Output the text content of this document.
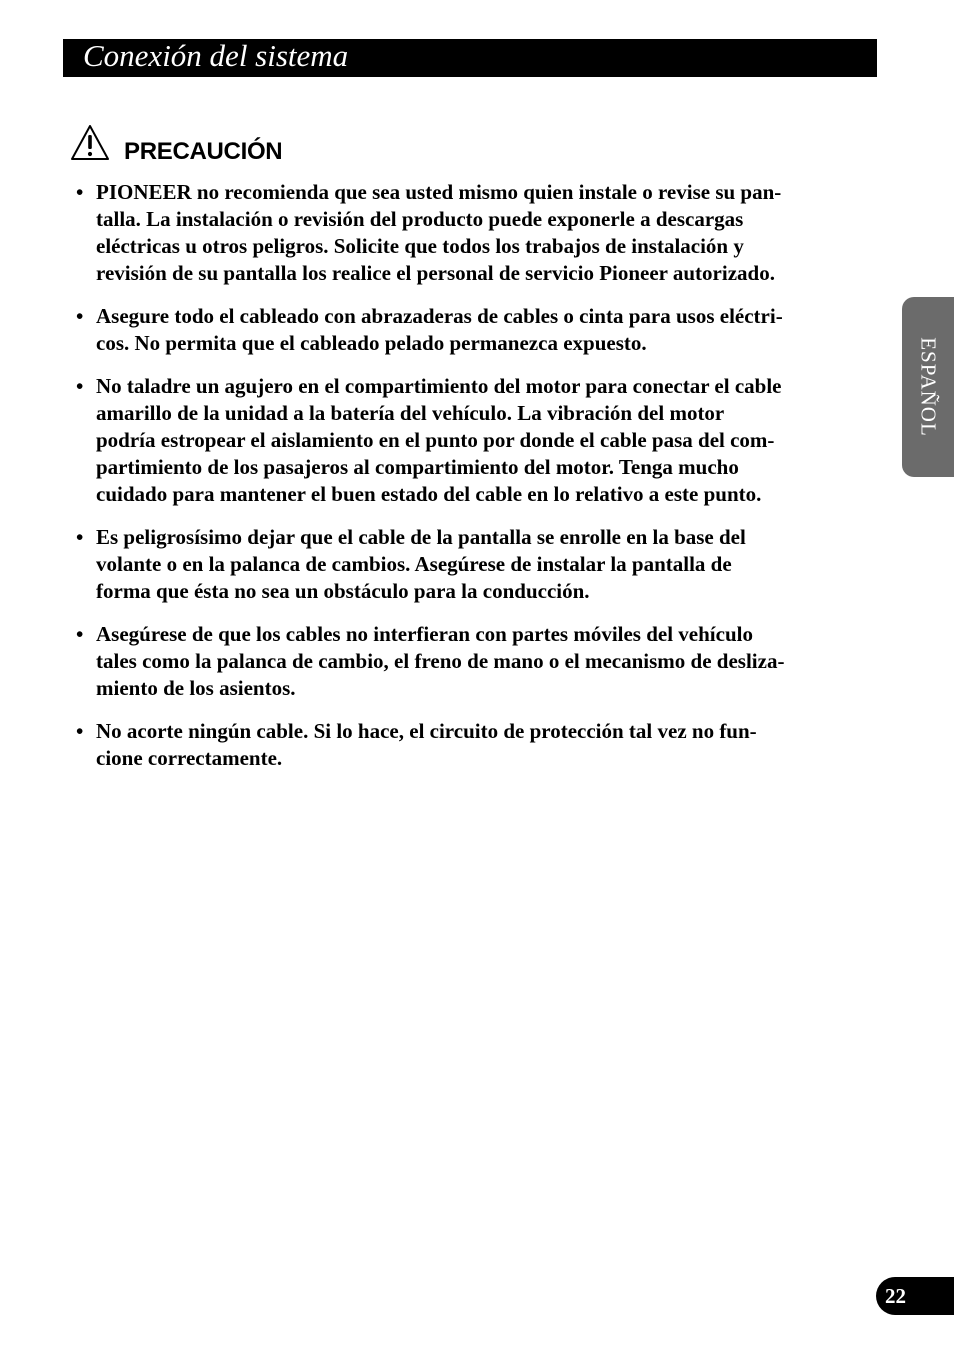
Conexión del sistema
PRECAUCIÓN
• PIONEER no recomienda que sea usted mismo quien instale o revise su pan-
talla. La instalación o revisión del producto puede exponerle a descargas
eléctricas u otros peligros. Solicite que todos los trabajos de instalación y
revisión de su pantalla los realice el personal de servicio Pioneer autorizado.
• Asegure todo el cableado con abrazaderas de cables o cinta para usos eléctri-
cos. No permita que el cableado pelado permanezca expuesto.
• No taladre un agujero en el compartimiento del motor para conectar el cable
amarillo de la unidad a la batería del vehículo. La vibración del motor
podría estropear el aislamiento en el punto por donde el cable pasa del com-
partimiento de los pasajeros al compartimiento del motor. Tenga mucho
cuidado para mantener el buen estado del cable en lo relativo a este punto.
• Es peligrosísimo dejar que el cable de la pantalla se enrolle en la base del
volante o en la palanca de cambios. Asegúrese de instalar la pantalla de
forma que ésta no sea un obstáculo para la conducción.
• Asegúrese de que los cables no interfieran con partes móviles del vehículo
tales como la palanca de cambio, el freno de mano o el mecanismo de desliza-
miento de los asientos.
• No acorte ningún cable. Si lo hace, el circuito de protección tal vez no fun-
cione correctamente.
ESPAÑOL
22
